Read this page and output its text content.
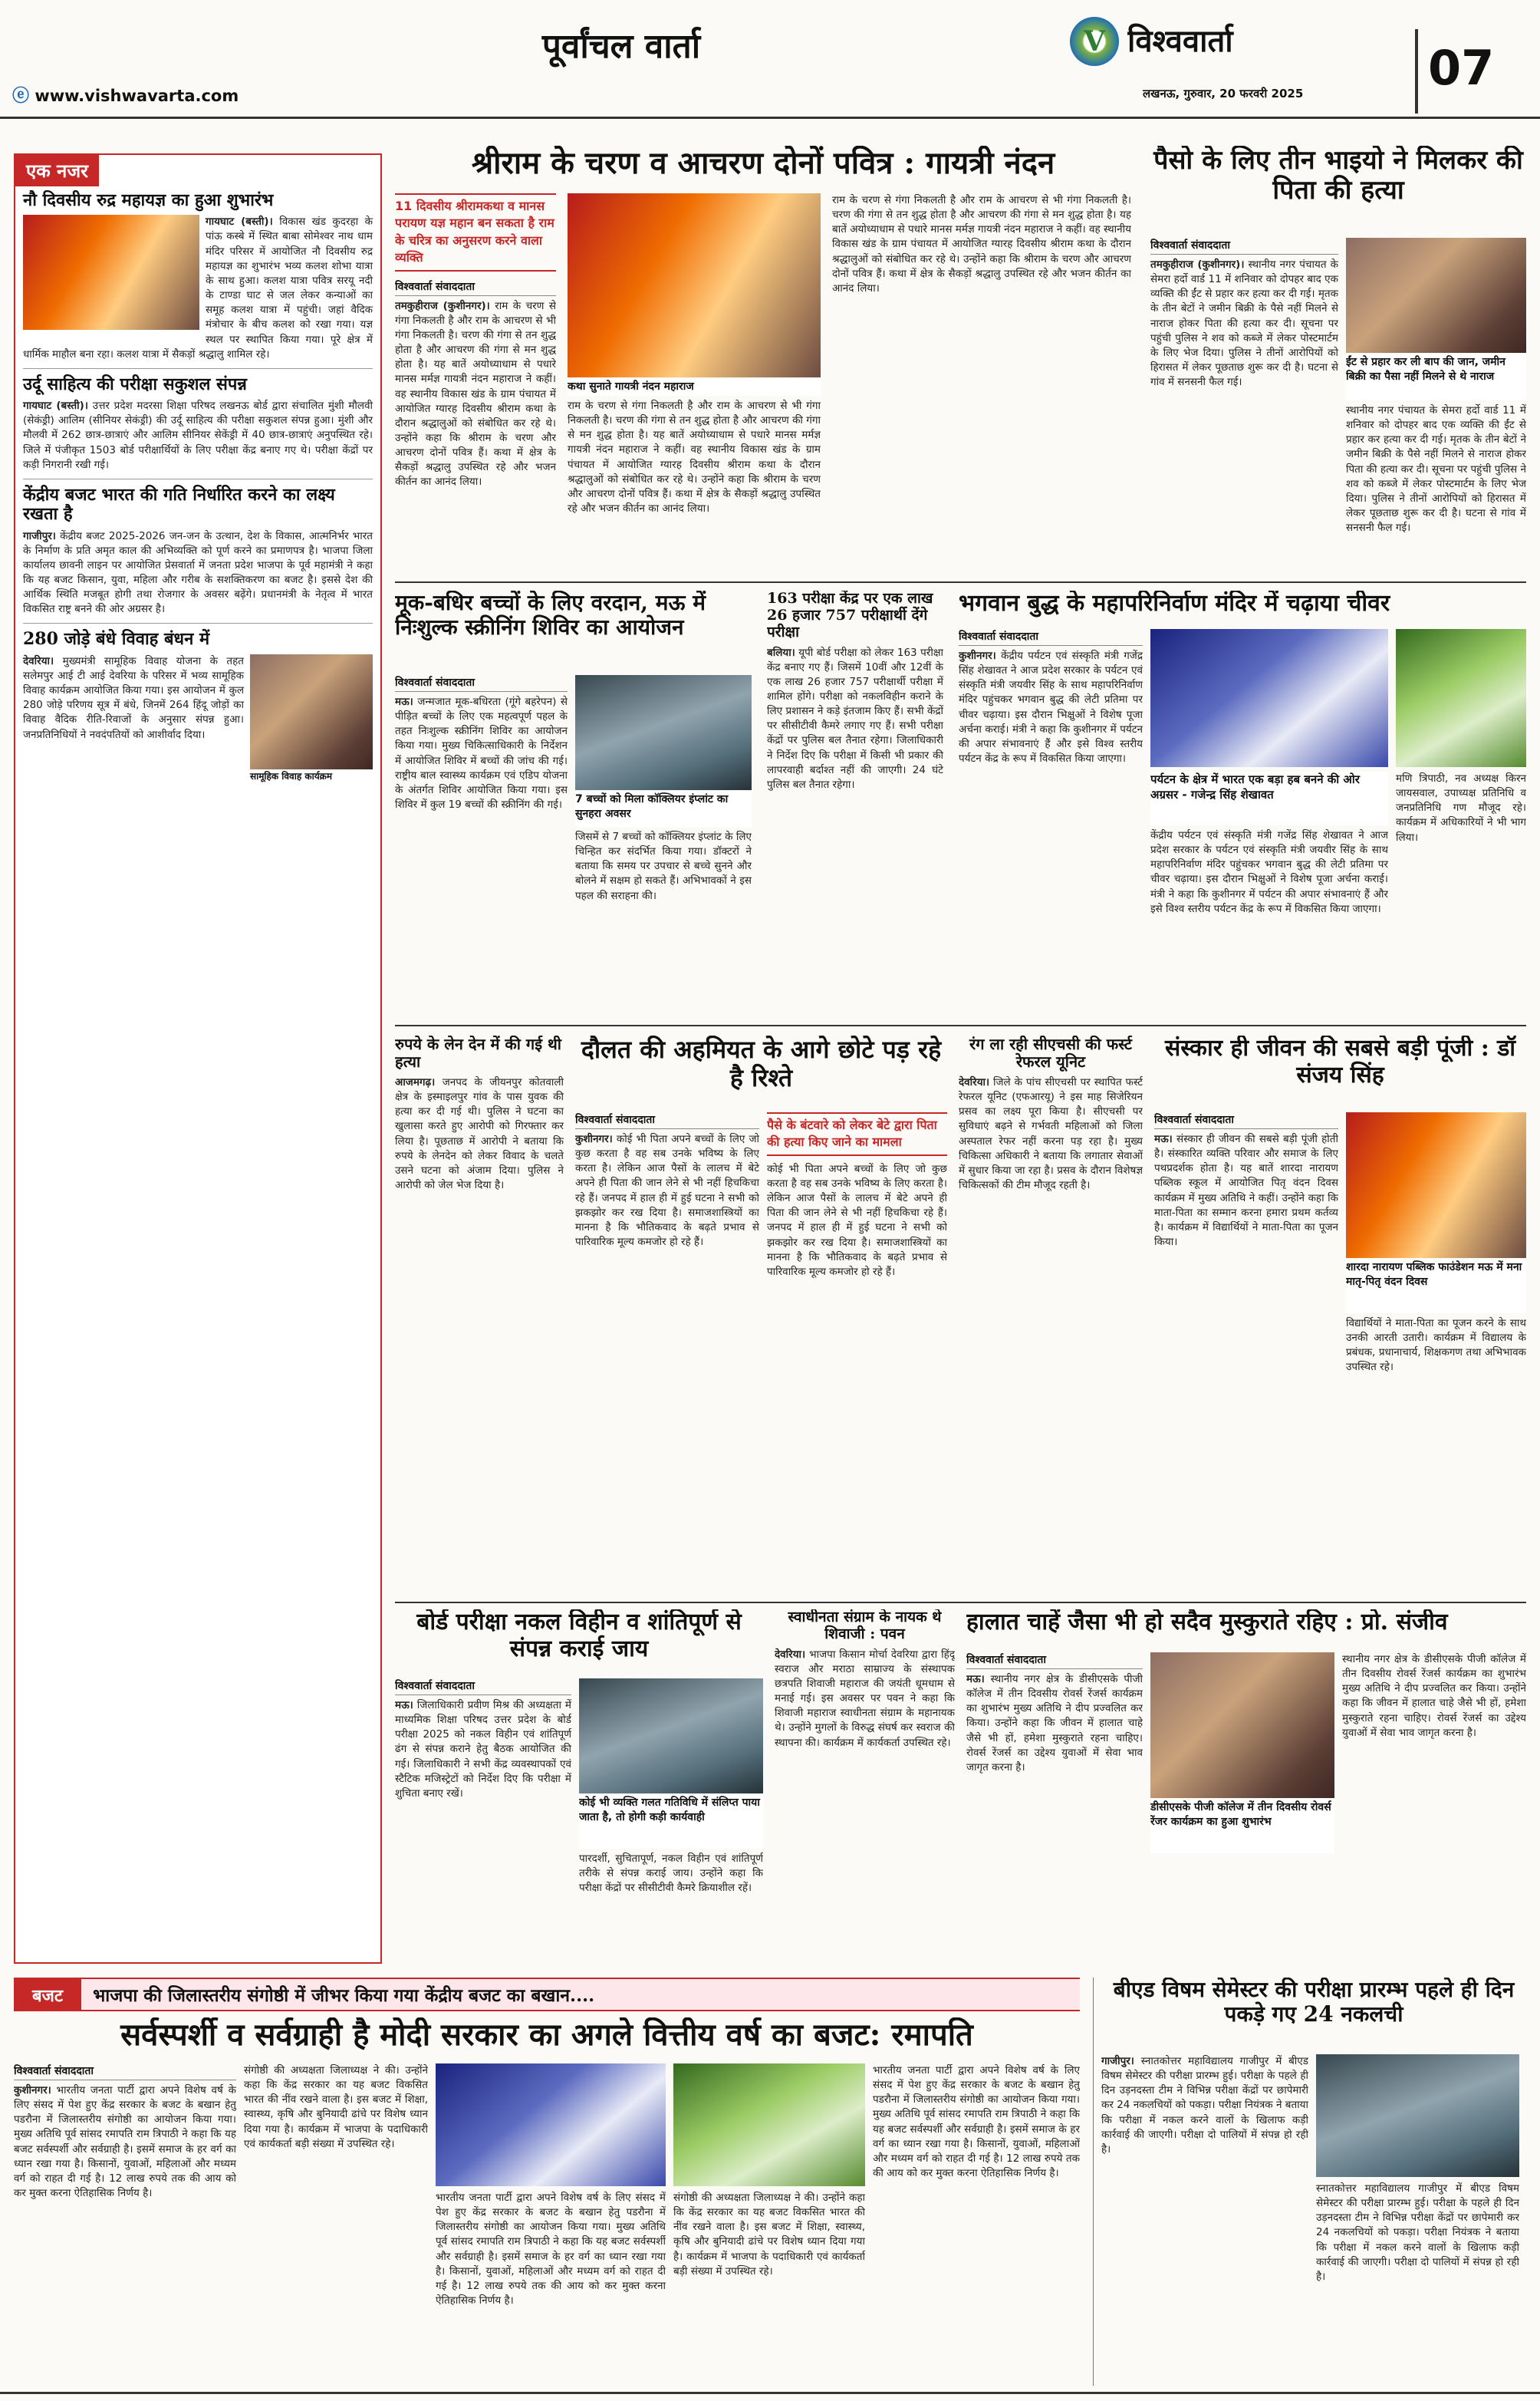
पूर्वांचल वार्ता
ⓔ www.vishwavarta.com
V विश्ववार्ता
लखनऊ, गुरुवार, 20 फरवरी 2025	07
एक नजर
नौ दिवसीय रुद्र महायज्ञ का हुआ शुभारंभ
गायघाट (बस्ती)। विकास खंड कुदरहा के पांऊ कस्बे में स्थित बाबा सोमेश्वर नाथ धाम मंदिर परिसर में आयोजित नौ दिवसीय रुद्र महायज्ञ का शुभारंभ भव्य कलश शोभा यात्रा के साथ हुआ। कलश यात्रा पवित्र सरयू नदी के टाण्डा घाट से जल लेकर कन्याओं का समूह कलश यात्रा में पहुंची। जहां वैदिक मंत्रोचार के बीच कलश को रखा गया। यज्ञ स्थल पर स्थापित किया गया। पूरे क्षेत्र में धार्मिक माहौल बना रहा। कलश यात्रा में सैकड़ों श्रद्धालु शामिल रहे।
उर्दू साहित्य की परीक्षा सकुशल संपन्न
गायघाट (बस्ती)। उत्तर प्रदेश मदरसा शिक्षा परिषद लखनऊ बोर्ड द्वारा संचालित मुंशी मौलवी (सेकंड्री) आलिम (सीनियर सेकंड्री) की उर्दू साहित्य की परीक्षा सकुशल संपन्न हुआ। मुंशी और मौलवी में 262 छात्र-छात्राएं और आलिम सीनियर सेकेंड्री में 40 छात्र-छात्राएं अनुपस्थित रहे। जिले में पंजीकृत 1503 बोर्ड परीक्षार्थियों के लिए परीक्षा केंद्र बनाए गए थे। परीक्षा केंद्रों पर कड़ी निगरानी रखी गई।
केंद्रीय बजट भारत की गति निर्धारित करने का लक्ष्य रखता है
गाजीपुर। केंद्रीय बजट 2025-2026 जन-जन के उत्थान, देश के विकास, आत्मनिर्भर भारत के निर्माण के प्रति अमृत काल की अभिव्यक्ति को पूर्ण करने का प्रमाणपत्र है। भाजपा जिला कार्यालय छावनी लाइन पर आयोजित प्रेसवार्ता में जनता प्रदेश भाजपा के पूर्व महामंत्री ने कहा कि यह बजट किसान, युवा, महिला और गरीब के सशक्तिकरण का बजट है। इससे देश की आर्थिक स्थिति मजबूत होगी तथा रोजगार के अवसर बढ़ेंगे। प्रधानमंत्री के नेतृत्व में भारत विकसित राष्ट्र बनने की ओर अग्रसर है।
280 जोड़े बंधे विवाह बंधन में
सामूहिक विवाह कार्यक्रम
देवरिया। मुख्यमंत्री सामूहिक विवाह योजना के तहत सलेमपुर आई टी आई देवरिया के परिसर में भव्य सामूहिक विवाह कार्यक्रम आयोजित किया गया। इस आयोजन में कुल 280 जोड़े परिणय सूत्र में बंधे, जिनमें 264 हिंदू जोड़ों का विवाह वैदिक रीति-रिवाजों के अनुसार संपन्न हुआ। जनप्रतिनिधियों ने नवदंपतियों को आशीर्वाद दिया।
श्रीराम के चरण व आचरण दोनों पवित्र : गायत्री नंदन
11 दिवसीय श्रीरामकथा व मानस परायण यज्ञ महान बन सकता है राम के चरित्र का अनुसरण करने वाला व्यक्ति
विश्ववार्ता संवाददाता
तमकुहीराज (कुशीनगर)। राम के चरण से गंगा निकलती है और राम के आचरण से भी गंगा निकलती है। चरण की गंगा से तन शुद्ध होता है और आचरण की गंगा से मन शुद्ध होता है। यह बातें अयोध्याधाम से पधारे मानस मर्मज्ञ गायत्री नंदन महाराज ने कहीं। वह स्थानीय विकास खंड के ग्राम पंचायत में आयोजित ग्यारह दिवसीय श्रीराम कथा के दौरान श्रद्धालुओं को संबोधित कर रहे थे। उन्होंने कहा कि श्रीराम के चरण और आचरण दोनों पवित्र हैं। कथा में क्षेत्र के सैकड़ों श्रद्धालु उपस्थित रहे और भजन कीर्तन का आनंद लिया।
कथा सुनाते गायत्री नंदन महाराज
राम के चरण से गंगा निकलती है और राम के आचरण से भी गंगा निकलती है। चरण की गंगा से तन शुद्ध होता है और आचरण की गंगा से मन शुद्ध होता है। यह बातें अयोध्याधाम से पधारे मानस मर्मज्ञ गायत्री नंदन महाराज ने कहीं। वह स्थानीय विकास खंड के ग्राम पंचायत में आयोजित ग्यारह दिवसीय श्रीराम कथा के दौरान श्रद्धालुओं को संबोधित कर रहे थे। उन्होंने कहा कि श्रीराम के चरण और आचरण दोनों पवित्र हैं। कथा में क्षेत्र के सैकड़ों श्रद्धालु उपस्थित रहे और भजन कीर्तन का आनंद लिया।
राम के चरण से गंगा निकलती है और राम के आचरण से भी गंगा निकलती है। चरण की गंगा से तन शुद्ध होता है और आचरण की गंगा से मन शुद्ध होता है। यह बातें अयोध्याधाम से पधारे मानस मर्मज्ञ गायत्री नंदन महाराज ने कहीं। वह स्थानीय विकास खंड के ग्राम पंचायत में आयोजित ग्यारह दिवसीय श्रीराम कथा के दौरान श्रद्धालुओं को संबोधित कर रहे थे। उन्होंने कहा कि श्रीराम के चरण और आचरण दोनों पवित्र हैं। कथा में क्षेत्र के सैकड़ों श्रद्धालु उपस्थित रहे और भजन कीर्तन का आनंद लिया।
पैसो के लिए तीन भाइयो ने मिलकर की पिता की हत्या
विश्ववार्ता संवाददाता
तमकुहीराज (कुशीनगर)। स्थानीय नगर पंचायत के सेमरा हर्दो वार्ड 11 में शनिवार को दोपहर बाद एक व्यक्ति की ईंट से प्रहार कर हत्या कर दी गई। मृतक के तीन बेटों ने जमीन बिक्री के पैसे नहीं मिलने से नाराज होकर पिता की हत्या कर दी। सूचना पर पहुंची पुलिस ने शव को कब्जे में लेकर पोस्टमार्टम के लिए भेज दिया। पुलिस ने तीनों आरोपियों को हिरासत में लेकर पूछताछ शुरू कर दी है। घटना से गांव में सनसनी फैल गई।
ईंट से प्रहार कर ली बाप की जान, जमीन बिक्री का पैसा नहीं मिलने से थे नाराज
स्थानीय नगर पंचायत के सेमरा हर्दो वार्ड 11 में शनिवार को दोपहर बाद एक व्यक्ति की ईंट से प्रहार कर हत्या कर दी गई। मृतक के तीन बेटों ने जमीन बिक्री के पैसे नहीं मिलने से नाराज होकर पिता की हत्या कर दी। सूचना पर पहुंची पुलिस ने शव को कब्जे में लेकर पोस्टमार्टम के लिए भेज दिया। पुलिस ने तीनों आरोपियों को हिरासत में लेकर पूछताछ शुरू कर दी है। घटना से गांव में सनसनी फैल गई।
मूक-बधिर बच्चों के लिए वरदान, मऊ में निःशुल्क स्क्रीनिंग शिविर का आयोजन
विश्ववार्ता संवाददाता
मऊ। जन्मजात मूक-बधिरता (गूंगे बहरेपन) से पीड़ित बच्चों के लिए एक महत्वपूर्ण पहल के तहत निःशुल्क स्क्रीनिंग शिविर का आयोजन किया गया। मुख्य चिकित्साधिकारी के निर्देशन में आयोजित शिविर में बच्चों की जांच की गई। राष्ट्रीय बाल स्वास्थ्य कार्यक्रम एवं एडिप योजना के अंतर्गत शिविर आयोजित किया गया। इस शिविर में कुल 19 बच्चों की स्क्रीनिंग की गई।	7 बच्चों को मिला कॉक्लियर इंप्लांट का सुनहरा अवसर
जिसमें से 7 बच्चों को कॉक्लियर इंप्लांट के लिए चिन्हित कर संदर्भित किया गया। डॉक्टरों ने बताया कि समय पर उपचार से बच्चे सुनने और बोलने में सक्षम हो सकते हैं। अभिभावकों ने इस पहल की सराहना की।
163 परीक्षा केंद्र पर एक लाख 26 हजार 757 परीक्षार्थी देंगे परीक्षा
बलिया। यूपी बोर्ड परीक्षा को लेकर 163 परीक्षा केंद्र बनाए गए हैं। जिसमें 10वीं और 12वीं के एक लाख 26 हजार 757 परीक्षार्थी परीक्षा में शामिल होंगे। परीक्षा को नकलविहीन कराने के लिए प्रशासन ने कड़े इंतजाम किए हैं। सभी केंद्रों पर सीसीटीवी कैमरे लगाए गए हैं। सभी परीक्षा केंद्रों पर पुलिस बल तैनात रहेगा। जिलाधिकारी ने निर्देश दिए कि परीक्षा में किसी भी प्रकार की लापरवाही बर्दाश्त नहीं की जाएगी। 24 घंटे पुलिस बल तैनात रहेगा।
भगवान बुद्ध के महापरिनिर्वाण मंदिर में चढ़ाया चीवर
विश्ववार्ता संवाददाता
कुशीनगर। केंद्रीय पर्यटन एवं संस्कृति मंत्री गजेंद्र सिंह शेखावत ने आज प्रदेश सरकार के पर्यटन एवं संस्कृति मंत्री जयवीर सिंह के साथ महापरिनिर्वाण मंदिर पहुंचकर भगवान बुद्ध की लेटी प्रतिमा पर चीवर चढ़ाया। इस दौरान भिक्षुओं ने विशेष पूजा अर्चना कराई। मंत्री ने कहा कि कुशीनगर में पर्यटन की अपार संभावनाएं हैं और इसे विश्व स्तरीय पर्यटन केंद्र के रूप में विकसित किया जाएगा।
पर्यटन के क्षेत्र में भारत एक बड़ा हब बनने की ओर अग्रसर - गजेन्द्र सिंह शेखावत
केंद्रीय पर्यटन एवं संस्कृति मंत्री गजेंद्र सिंह शेखावत ने आज प्रदेश सरकार के पर्यटन एवं संस्कृति मंत्री जयवीर सिंह के साथ महापरिनिर्वाण मंदिर पहुंचकर भगवान बुद्ध की लेटी प्रतिमा पर चीवर चढ़ाया। इस दौरान भिक्षुओं ने विशेष पूजा अर्चना कराई। मंत्री ने कहा कि कुशीनगर में पर्यटन की अपार संभावनाएं हैं और इसे विश्व स्तरीय पर्यटन केंद्र के रूप में विकसित किया जाएगा।
मणि त्रिपाठी, नव अध्यक्ष किरन जायसवाल, उपाध्यक्ष प्रतिनिधि व जनप्रतिनिधि गण मौजूद रहे। कार्यक्रम में अधिकारियों ने भी भाग लिया।
रुपये के लेन देन में की गई थी हत्या
आजमगढ़। जनपद के जीयनपुर कोतवाली क्षेत्र के इस्माइलपुर गांव के पास युवक की हत्या कर दी गई थी। पुलिस ने घटना का खुलासा करते हुए आरोपी को गिरफ्तार कर लिया है। पूछताछ में आरोपी ने बताया कि रुपये के लेनदेन को लेकर विवाद के चलते उसने घटना को अंजाम दिया। पुलिस ने आरोपी को जेल भेज दिया है।
दौलत की अहमियत के आगे छोटे पड़ रहे है रिश्ते
विश्ववार्ता संवाददाता
कुशीनगर। कोई भी पिता अपने बच्चों के लिए जो कुछ करता है वह सब उनके भविष्य के लिए करता है। लेकिन आज पैसों के लालच में बेटे अपने ही पिता की जान लेने से भी नहीं हिचकिचा रहे हैं। जनपद में हाल ही में हुई घटना ने सभी को झकझोर कर रख दिया है। समाजशास्त्रियों का मानना है कि भौतिकवाद के बढ़ते प्रभाव से पारिवारिक मूल्य कमजोर हो रहे हैं।
पैसे के बंटवारे को लेकर बेटे द्वारा पिता की हत्या किए जाने का मामला
कोई भी पिता अपने बच्चों के लिए जो कुछ करता है वह सब उनके भविष्य के लिए करता है। लेकिन आज पैसों के लालच में बेटे अपने ही पिता की जान लेने से भी नहीं हिचकिचा रहे हैं। जनपद में हाल ही में हुई घटना ने सभी को झकझोर कर रख दिया है। समाजशास्त्रियों का मानना है कि भौतिकवाद के बढ़ते प्रभाव से पारिवारिक मूल्य कमजोर हो रहे हैं।
रंग ला रही सीएचसी की फर्स्ट रेफरल यूनिट
देवरिया। जिले के पांच सीएचसी पर स्थापित फर्स्ट रेफरल यूनिट (एफआरयू) ने इस माह सिजेरियन प्रसव का लक्ष्य पूरा किया है। सीएचसी पर सुविधाएं बढ़ने से गर्भवती महिलाओं को जिला अस्पताल रेफर नहीं करना पड़ रहा है। मुख्य चिकित्सा अधिकारी ने बताया कि लगातार सेवाओं में सुधार किया जा रहा है। प्रसव के दौरान विशेषज्ञ चिकित्सकों की टीम मौजूद रहती है।
संस्कार ही जीवन की सबसे बड़ी पूंजी : डॉ संजय सिंह
विश्ववार्ता संवाददाता
मऊ। संस्कार ही जीवन की सबसे बड़ी पूंजी होती है। संस्कारित व्यक्ति परिवार और समाज के लिए पथप्रदर्शक होता है। यह बातें शारदा नारायण पब्लिक स्कूल में आयोजित पितृ वंदन दिवस कार्यक्रम में मुख्य अतिथि ने कहीं। उन्होंने कहा कि माता-पिता का सम्मान करना हमारा प्रथम कर्तव्य है। कार्यक्रम में विद्यार्थियों ने माता-पिता का पूजन किया।
शारदा नारायण पब्लिक फाउंडेशन मऊ में मना मातृ-पितृ वंदन दिवस
विद्यार्थियों ने माता-पिता का पूजन करने के साथ उनकी आरती उतारी। कार्यक्रम में विद्यालय के प्रबंधक, प्रधानाचार्य, शिक्षकगण तथा अभिभावक उपस्थित रहे।
बोर्ड परीक्षा नकल विहीन व शांतिपूर्ण से संपन्न कराई जाय
विश्ववार्ता संवाददाता
मऊ। जिलाधिकारी प्रवीण मिश्र की अध्यक्षता में माध्यमिक शिक्षा परिषद उत्तर प्रदेश के बोर्ड परीक्षा 2025 को नकल विहीन एवं शांतिपूर्ण ढंग से संपन्न कराने हेतु बैठक आयोजित की गई। जिलाधिकारी ने सभी केंद्र व्यवस्थापकों एवं स्टैटिक मजिस्ट्रेटों को निर्देश दिए कि परीक्षा में शुचिता बनाए रखें।
कोई भी व्यक्ति गलत गतिविधि में संलिप्त पाया जाता है, तो होगी कड़ी कार्यवाही
पारदर्शी, सुचितापूर्ण, नकल विहीन एवं शांतिपूर्ण तरीके से संपन्न कराई जाय। उन्होंने कहा कि परीक्षा केंद्रों पर सीसीटीवी कैमरे क्रियाशील रहें।
स्वाधीनता संग्राम के नायक थे शिवाजी : पवन
देवरिया। भाजपा किसान मोर्चा देवरिया द्वारा हिंदू स्वराज और मराठा साम्राज्य के संस्थापक छत्रपति शिवाजी महाराज की जयंती धूमधाम से मनाई गई। इस अवसर पर पवन ने कहा कि शिवाजी महाराज स्वाधीनता संग्राम के महानायक थे। उन्होंने मुगलों के विरुद्ध संघर्ष कर स्वराज की स्थापना की। कार्यक्रम में कार्यकर्ता उपस्थित रहे।
हालात चाहें जैसा भी हो सदैव मुस्कुराते रहिए : प्रो. संजीव
विश्ववार्ता संवाददाता
मऊ। स्थानीय नगर क्षेत्र के डीसीएसके पीजी कॉलेज में तीन दिवसीय रोवर्स रेंजर्स कार्यक्रम का शुभारंभ मुख्य अतिथि ने दीप प्रज्वलित कर किया। उन्होंने कहा कि जीवन में हालात चाहे जैसे भी हों, हमेशा मुस्कुराते रहना चाहिए। रोवर्स रेंजर्स का उद्देश्य युवाओं में सेवा भाव जागृत करना है।
डीसीएसके पीजी कॉलेज में तीन दिवसीय रोवर्स रेंजर कार्यक्रम का हुआ शुभारंभ
स्थानीय नगर क्षेत्र के डीसीएसके पीजी कॉलेज में तीन दिवसीय रोवर्स रेंजर्स कार्यक्रम का शुभारंभ मुख्य अतिथि ने दीप प्रज्वलित कर किया। उन्होंने कहा कि जीवन में हालात चाहे जैसे भी हों, हमेशा मुस्कुराते रहना चाहिए। रोवर्स रेंजर्स का उद्देश्य युवाओं में सेवा भाव जागृत करना है।
बजट भाजपा की जिलास्तरीय संगोष्ठी में जीभर किया गया केंद्रीय बजट का बखान....
सर्वस्पर्शी व सर्वग्राही है मोदी सरकार का अगले वित्तीय वर्ष का बजट: रमापति
विश्ववार्ता संवाददाता
कुशीनगर। भारतीय जनता पार्टी द्वारा अपने विशेष वर्ष के लिए संसद में पेश हुए केंद्र सरकार के बजट के बखान हेतु पडरौना में जिलास्तरीय संगोष्ठी का आयोजन किया गया। मुख्य अतिथि पूर्व सांसद रमापति राम त्रिपाठी ने कहा कि यह बजट सर्वस्पर्शी और सर्वग्राही है। इसमें समाज के हर वर्ग का ध्यान रखा गया है। किसानों, युवाओं, महिलाओं और मध्यम वर्ग को राहत दी गई है। 12 लाख रुपये तक की आय को कर मुक्त करना ऐतिहासिक निर्णय है।
संगोष्ठी की अध्यक्षता जिलाध्यक्ष ने की। उन्होंने कहा कि केंद्र सरकार का यह बजट विकसित भारत की नींव रखने वाला है। इस बजट में शिक्षा, स्वास्थ्य, कृषि और बुनियादी ढांचे पर विशेष ध्यान दिया गया है। कार्यक्रम में भाजपा के पदाधिकारी एवं कार्यकर्ता बड़ी संख्या में उपस्थित रहे।
भारतीय जनता पार्टी द्वारा अपने विशेष वर्ष के लिए संसद में पेश हुए केंद्र सरकार के बजट के बखान हेतु पडरौना में जिलास्तरीय संगोष्ठी का आयोजन किया गया। मुख्य अतिथि पूर्व सांसद रमापति राम त्रिपाठी ने कहा कि यह बजट सर्वस्पर्शी और सर्वग्राही है। इसमें समाज के हर वर्ग का ध्यान रखा गया है। किसानों, युवाओं, महिलाओं और मध्यम वर्ग को राहत दी गई है। 12 लाख रुपये तक की आय को कर मुक्त करना ऐतिहासिक निर्णय है।
संगोष्ठी की अध्यक्षता जिलाध्यक्ष ने की। उन्होंने कहा कि केंद्र सरकार का यह बजट विकसित भारत की नींव रखने वाला है। इस बजट में शिक्षा, स्वास्थ्य, कृषि और बुनियादी ढांचे पर विशेष ध्यान दिया गया है। कार्यक्रम में भाजपा के पदाधिकारी एवं कार्यकर्ता बड़ी संख्या में उपस्थित रहे।
भारतीय जनता पार्टी द्वारा अपने विशेष वर्ष के लिए संसद में पेश हुए केंद्र सरकार के बजट के बखान हेतु पडरौना में जिलास्तरीय संगोष्ठी का आयोजन किया गया। मुख्य अतिथि पूर्व सांसद रमापति राम त्रिपाठी ने कहा कि यह बजट सर्वस्पर्शी और सर्वग्राही है। इसमें समाज के हर वर्ग का ध्यान रखा गया है। किसानों, युवाओं, महिलाओं और मध्यम वर्ग को राहत दी गई है। 12 लाख रुपये तक की आय को कर मुक्त करना ऐतिहासिक निर्णय है।
बीएड विषम सेमेस्टर की परीक्षा प्रारम्भ पहले ही दिन पकड़े गए 24 नकलची
गाजीपुर। स्नातकोत्तर महाविद्यालय गाजीपुर में बीएड विषम सेमेस्टर की परीक्षा प्रारम्भ हुई। परीक्षा के पहले ही दिन उड़नदस्ता टीम ने विभिन्न परीक्षा केंद्रों पर छापेमारी कर 24 नकलचियों को पकड़ा। परीक्षा नियंत्रक ने बताया कि परीक्षा में नकल करने वालों के खिलाफ कड़ी कार्रवाई की जाएगी। परीक्षा दो पालियों में संपन्न हो रही है।
स्नातकोत्तर महाविद्यालय गाजीपुर में बीएड विषम सेमेस्टर की परीक्षा प्रारम्भ हुई। परीक्षा के पहले ही दिन उड़नदस्ता टीम ने विभिन्न परीक्षा केंद्रों पर छापेमारी कर 24 नकलचियों को पकड़ा। परीक्षा नियंत्रक ने बताया कि परीक्षा में नकल करने वालों के खिलाफ कड़ी कार्रवाई की जाएगी। परीक्षा दो पालियों में संपन्न हो रही है।
